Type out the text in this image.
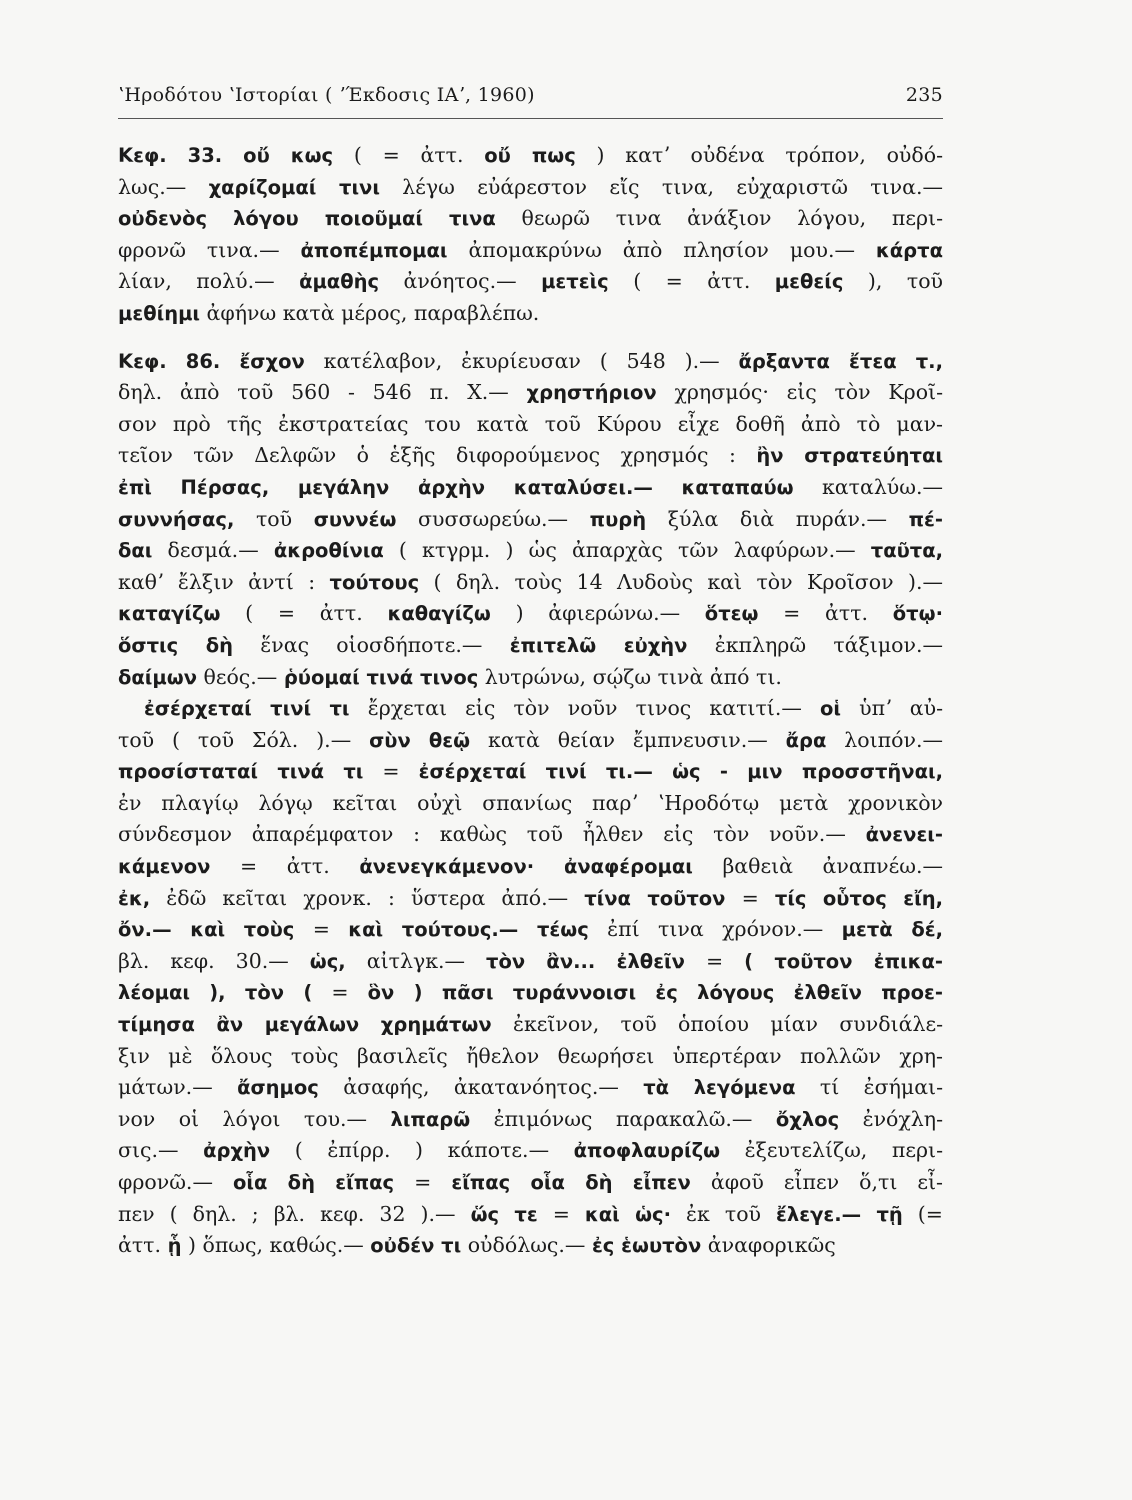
ʽΗροδότου ʽΙστορίαι ( ʼΈκδοσις ΙΑʼ, 1960)	235
Κεφ. 33. οὔ κως ( = ἀττ. οὔ πως ) κατʼ οὐδένα τρόπον, οὐδό-
λως.— χαρίζομαί τινι λέγω εὐάρεστον εἴς τινα, εὐχαριστῶ τινα.—
οὐδενὸς λόγου ποιοῦμαί τινα θεωρῶ τινα ἀνάξιον λόγου, περι-
φρονῶ τινα.— ἀποπέμπομαι ἀπομακρύνω ἀπὸ πλησίον μου.— κάρτα
λίαν, πολύ.— ἀμαθὴς ἀνόητος.— μετεὶς ( = ἀττ. μεθείς ), τοῦ
μεθίημι ἀφήνω κατὰ μέρος, παραβλέπω.
Κεφ. 86. ἔσχον κατέλαβον, ἐκυρίευσαν ( 548 ).— ἄρξαντα ἔτεα τ.,
δηλ. ἀπὸ τοῦ 560 - 546 π. Χ.— χρηστήριον χρησμός· εἰς τὸν Κροῖ-
σον πρὸ τῆς ἐκστρατείας του κατὰ τοῦ Κύρου εἶχε δοθῆ ἀπὸ τὸ μαν-
τεῖον τῶν Δελφῶν ὁ ἑξῆς διφορούμενος χρησμός : ἢν στρατεύηται
ἐπὶ Πέρσας, μεγάλην ἀρχὴν καταλύσει.— καταπαύω καταλύω.—
συννήσας, τοῦ συννέω συσσωρεύω.— πυρὴ ξύλα διὰ πυράν.— πέ-
δαι δεσμά.— ἀκροθίνια ( κτγρμ. ) ὡς ἀπαρχὰς τῶν λαφύρων.— ταῦτα,
καθʼ ἔλξιν ἀντί : τούτους ( δηλ. τοὺς 14 Λυδοὺς καὶ τὸν Κροῖσον ).—
καταγίζω ( = ἀττ. καθαγίζω ) ἀφιερώνω.— ὅτεῳ = ἀττ. ὅτῳ·
ὅστις δὴ ἕνας οἱοσδήποτε.— ἐπιτελῶ εὐχὴν ἐκπληρῶ τάξιμον.—
δαίμων θεός.— ῥύομαί τινά τινος λυτρώνω, σῴζω τινὰ ἀπό τι.
ἐσέρχεταί τινί τι ἔρχεται εἰς τὸν νοῦν τινος κατιτί.— οἱ ὑπʼ αὐ-
τοῦ ( τοῦ Σόλ. ).— σὺν θεῷ κατὰ θείαν ἔμπνευσιν.— ἄρα λοιπόν.—
προσίσταταί τινά τι = ἐσέρχεταί τινί τι.— ὡς - μιν προσστῆναι,
ἐν πλαγίῳ λόγῳ κεῖται οὐχὶ σπανίως παρʼ ʽΗροδότῳ μετὰ χρονικὸν
σύνδεσμον ἀπαρέμφατον : καθὼς τοῦ ἦλθεν εἰς τὸν νοῦν.— ἀνενει-
κάμενον = ἀττ. ἀνενεγκάμενον· ἀναφέρομαι βαθειὰ ἀναπνέω.—
ἐκ, ἐδῶ κεῖται χρονκ. : ὕστερα ἀπό.— τίνα τοῦτον = τίς οὗτος εἴη,
ὄν.— καὶ τοὺς = καὶ τούτους.— τέως ἐπί τινα χρόνον.— μετὰ δέ,
βλ. κεφ. 30.— ὡς, αἰτλγκ.— τὸν ἂν... ἐλθεῖν = ( τοῦτον ἐπικα-
λέομαι ), τὸν ( = ὃν ) πᾶσι τυράννοισι ἐς λόγους ἐλθεῖν προε-
τίμησα ἂν μεγάλων χρημάτων ἐκεῖνον, τοῦ ὁποίου μίαν συνδιάλε-
ξιν μὲ ὅλους τοὺς βασιλεῖς ἤθελον θεωρήσει ὑπερτέραν πολλῶν χρη-
μάτων.— ἄσημος ἀσαφής, ἀκατανόητος.— τὰ λεγόμενα τί ἐσήμαι-
νον οἱ λόγοι του.— λιπαρῶ ἐπιμόνως παρακαλῶ.— ὄχλος ἐνόχλη-
σις.— ἀρχὴν ( ἐπίρρ. ) κάποτε.— ἀποφλαυρίζω ἐξευτελίζω, περι-
φρονῶ.— οἷα δὴ εἴπας = εἴπας οἷα δὴ εἶπεν ἀφοῦ εἶπεν ὅ,τι εἶ-
πεν ( δηλ. ; βλ. κεφ. 32 ).— ὥς τε = καὶ ὡς· ἐκ τοῦ ἔλεγε.— τῇ (=
ἀττ. ᾗ ) ὅπως, καθώς.— οὐδέν τι οὐδόλως.— ἐς ἑωυτὸν ἀναφορικῶς
